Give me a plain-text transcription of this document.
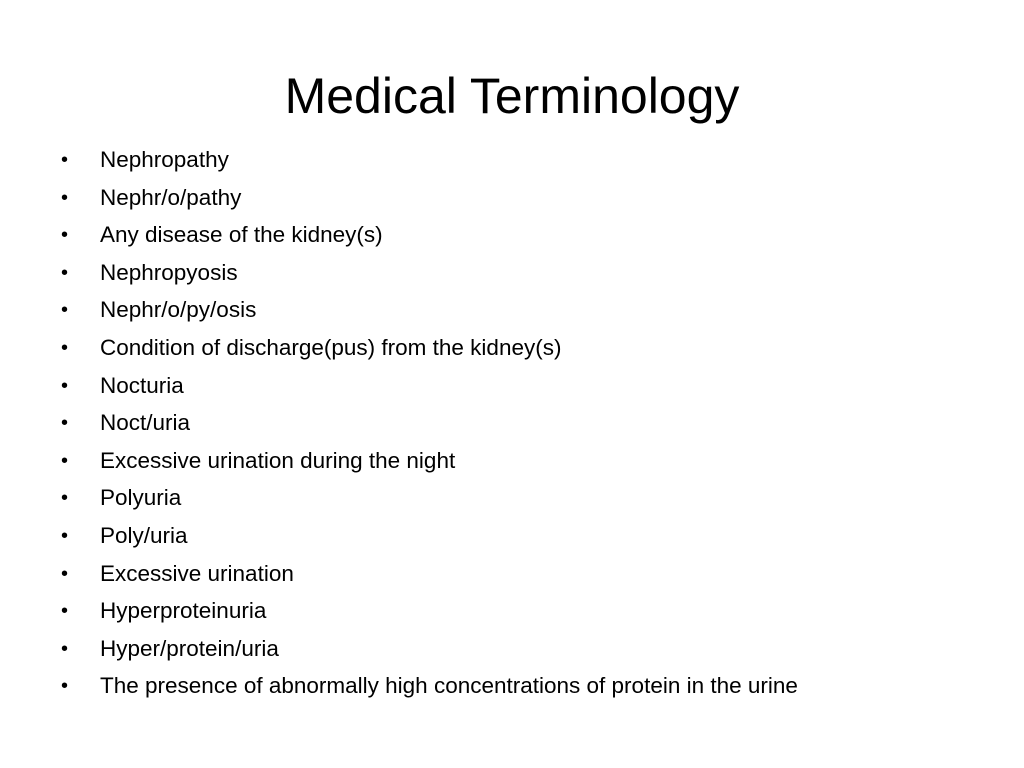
Medical Terminology
•	Nephropathy
•	Nephr/o/pathy
•	Any disease of the kidney(s)
•	Nephropyosis
•	Nephr/o/py/osis
•	Condition of discharge(pus) from the kidney(s)
•	Nocturia
•	Noct/uria
•	Excessive urination during the night
•	Polyuria
•	Poly/uria
•	Excessive urination
•	Hyperproteinuria
•	Hyper/protein/uria
•	The presence of abnormally high concentrations of protein in the urine
